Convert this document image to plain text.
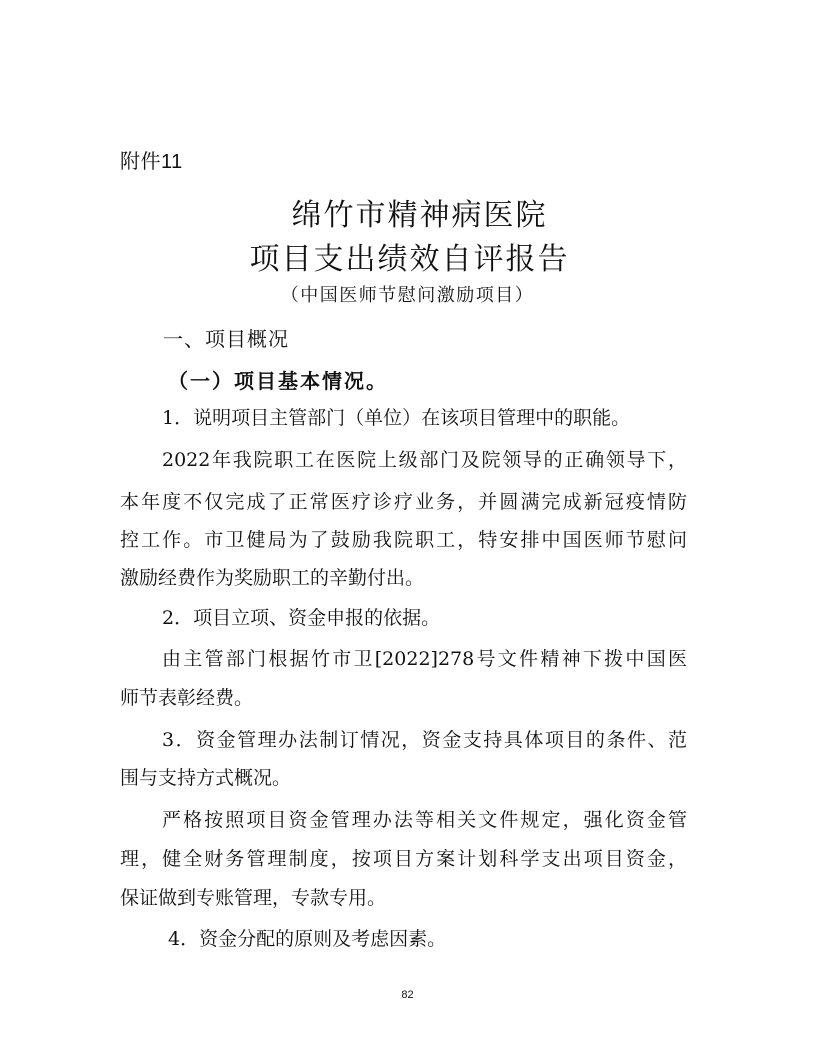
附件11
绵竹市精神病医院
项目支出绩效自评报告
（中国医师节慰问激励项目）
一、项目概况
（一）项目基本情况。
1．说明项目主管部门（单位）在该项目管理中的职能。
2022年我院职工在医院上级部门及院领导的正确领导下，
本年度不仅完成了正常医疗诊疗业务，并圆满完成新冠疫情防
控工作。市卫健局为了鼓励我院职工，特安排中国医师节慰问
激励经费作为奖励职工的辛勤付出。
2．项目立项、资金申报的依据。
由主管部门根据竹市卫[2022]278号文件精神下拨中国医
师节表彰经费。
3．资金管理办法制订情况，资金支持具体项目的条件、范
围与支持方式概况。
严格按照项目资金管理办法等相关文件规定，强化资金管
理，健全财务管理制度，按项目方案计划科学支出项目资金，
保证做到专账管理，专款专用。
4．资金分配的原则及考虑因素。
82
